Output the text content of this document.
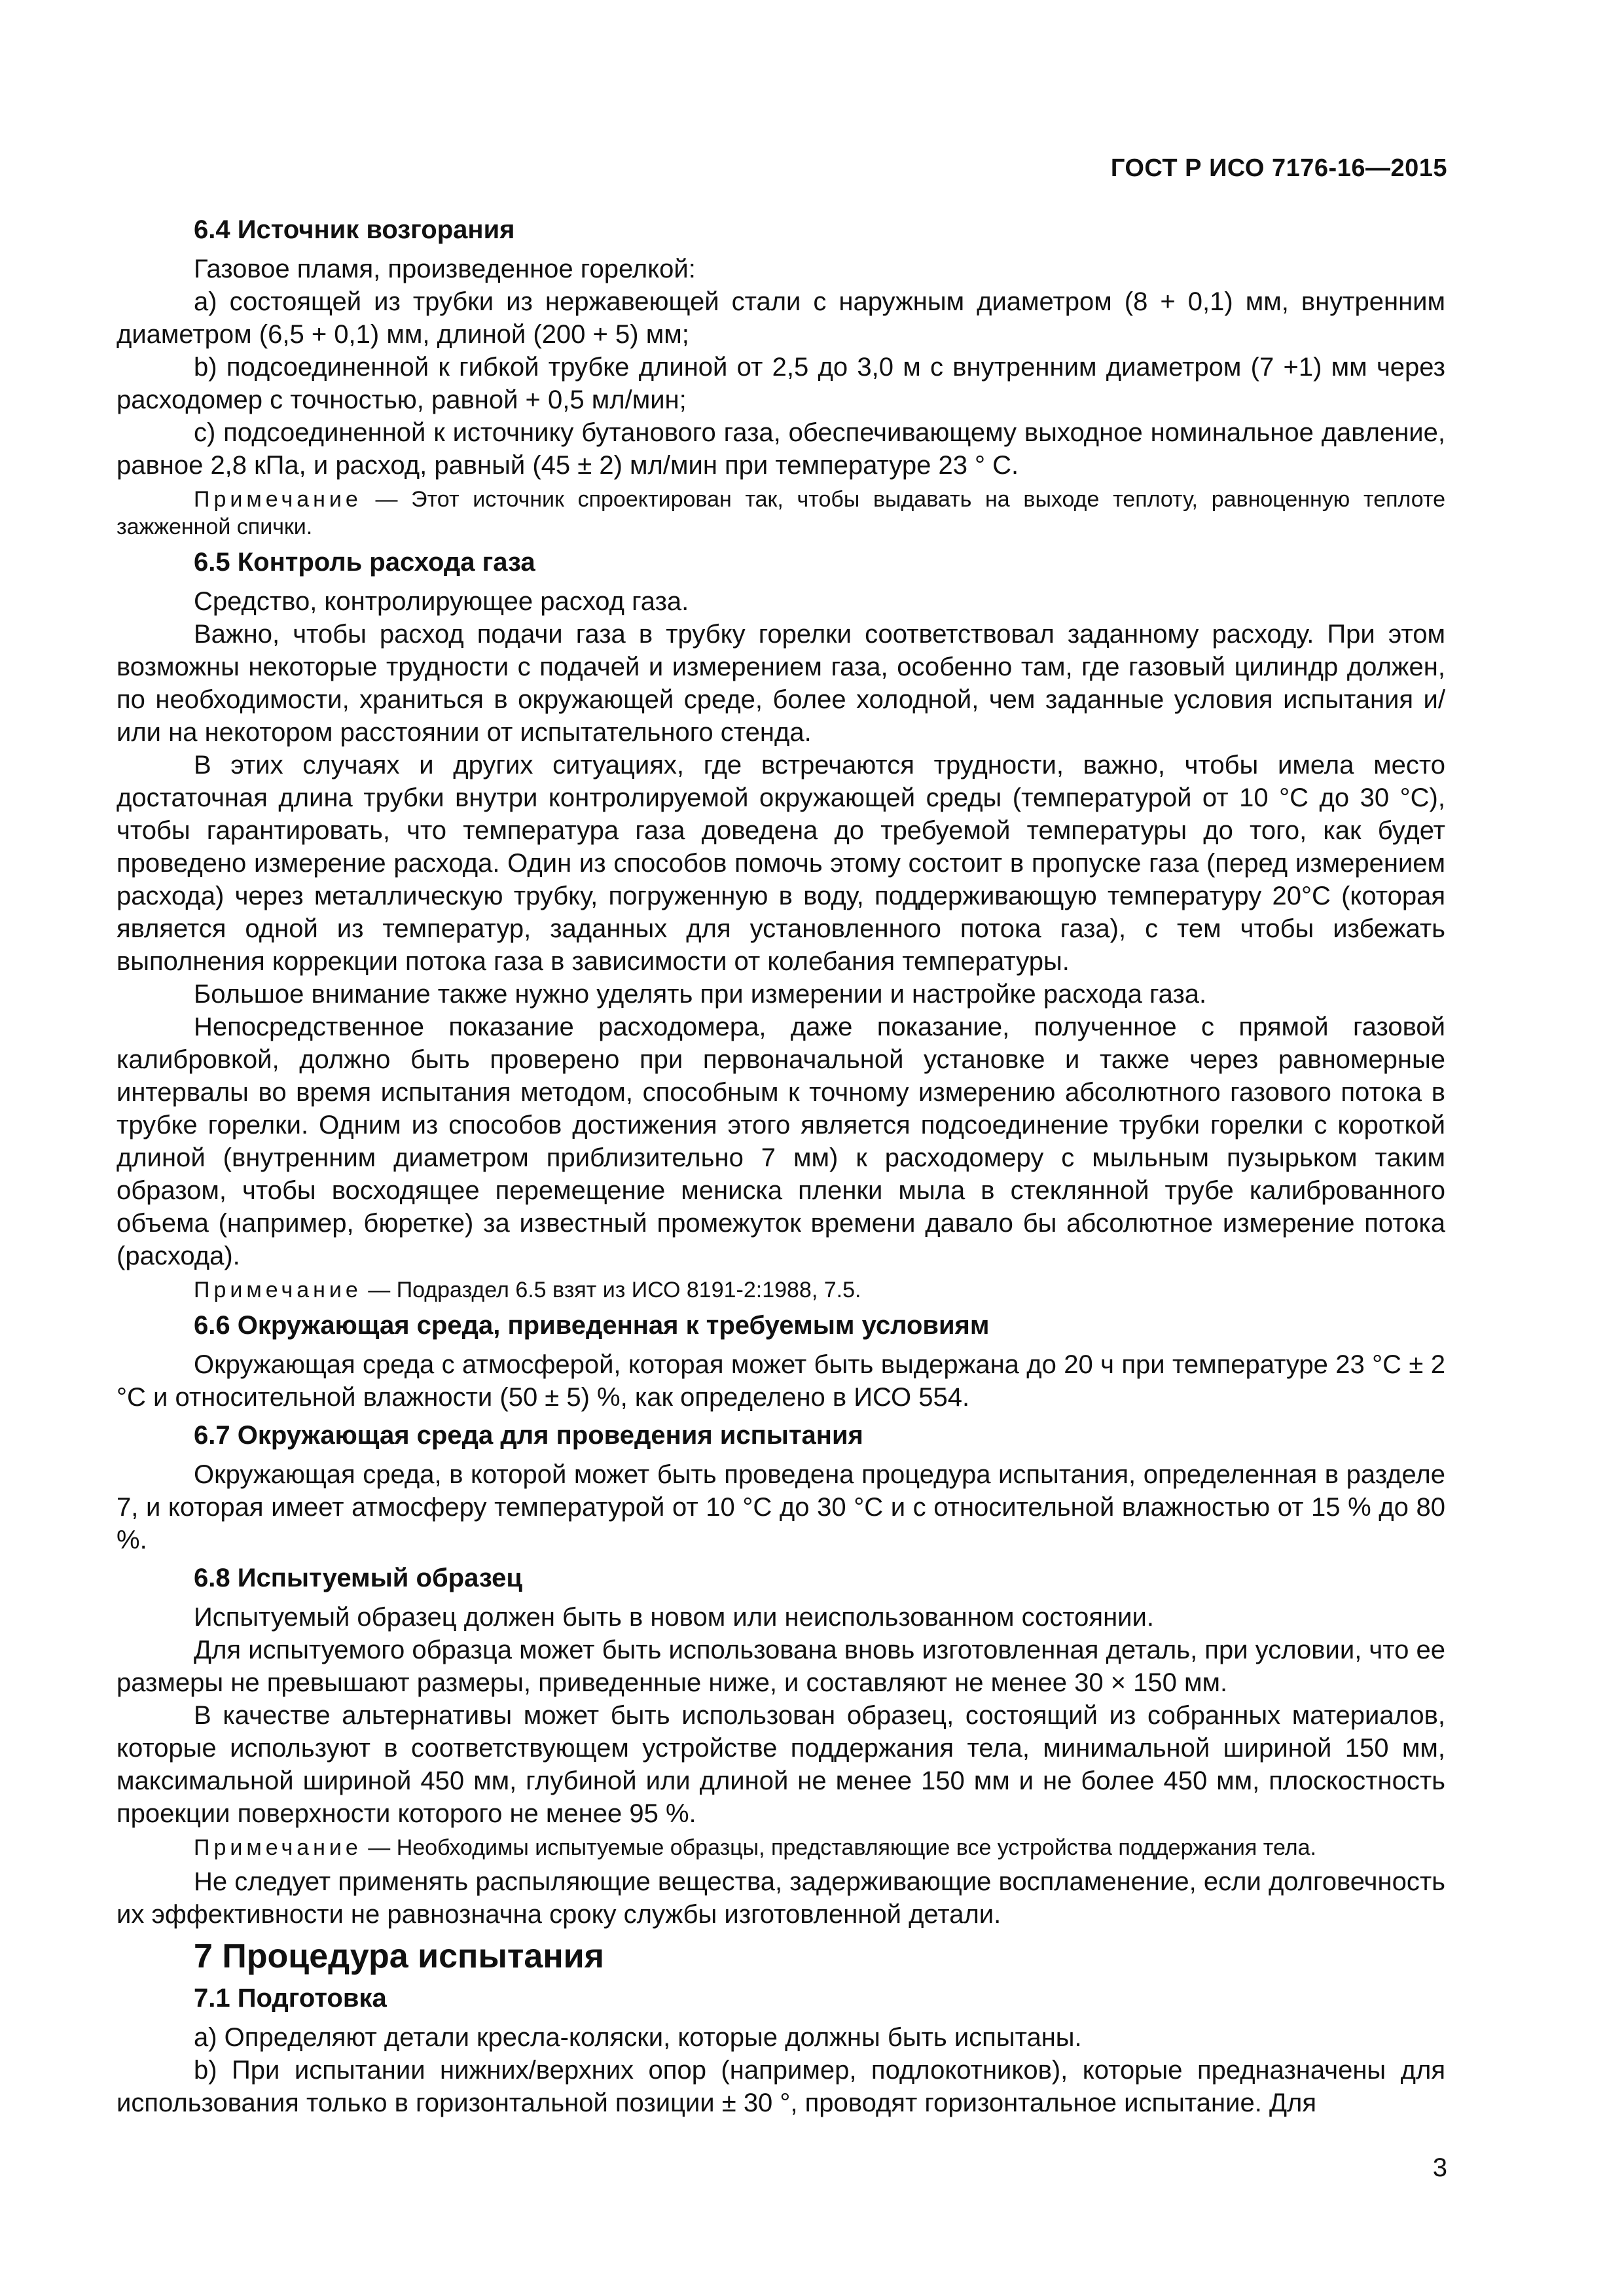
ГОСТ Р ИСО 7176-16—2015
6.4 Источник возгорания

Газовое пламя, произведенное горелкой:

а) состоящей из трубки из нержавеющей стали с наружным диаметром (8 + 0,1) мм, внутренним диаметром (6,5 + 0,1) мм, длиной (200 + 5) мм;

b) подсоединенной к гибкой трубке длиной от 2,5 до 3,0 м с внутренним диаметром (7 +1) мм через расходомер с точностью, равной + 0,5 мл/мин;

с) подсоединенной к источнику бутанового газа, обеспечивающему выходное номинальное давление, равное 2,8 кПа, и расход, равный (45 ± 2) мл/мин при температуре 23 ° С.

Примечание — Этот источник спроектирован так, чтобы выдавать на выходе теплоту, равноценную теплоте зажженной спички.
6.5 Контроль расхода газа

Средство, контролирующее расход газа.

Важно, чтобы расход подачи газа в трубку горелки соответствовал заданному расходу. При этом возможны некоторые трудности с подачей и измерением газа, особенно там, где газовый цилиндр должен, по необходимости, храниться в окружающей среде, более холодной, чем заданные условия испытания и/или на некотором расстоянии от испытательного стенда.

В этих случаях и других ситуациях, где встречаются трудности, важно, чтобы имела место достаточная длина трубки внутри контролируемой окружающей среды (температурой от 10 °С до 30 °С), чтобы гарантировать, что температура газа доведена до требуемой температуры до того, как будет проведено измерение расхода. Один из способов помочь этому состоит в пропуске газа (перед измерением расхода) через металлическую трубку, погруженную в воду, поддерживающую температуру 20°С (которая является одной из температур, заданных для установленного потока газа), с тем чтобы избежать выполнения коррекции потока газа в зависимости от колебания температуры.

Большое внимание также нужно уделять при измерении и настройке расхода газа.

Непосредственное показание расходомера, даже показание, полученное с прямой газовой калибровкой, должно быть проверено при первоначальной установке и также через равномерные интервалы во время испытания методом, способным к точному измерению абсолютного газового потока в трубке горелки. Одним из способов достижения этого является подсоединение трубки горелки с короткой длиной (внутренним диаметром приблизительно 7 мм) к расходомеру с мыльным пузырьком таким образом, чтобы восходящее перемещение мениска пленки мыла в стеклянной трубе калиброванного объема (например, бюретке) за известный промежуток времени давало бы абсолютное измерение потока (расхода).

Примечание — Подраздел 6.5 взят из ИСО 8191-2:1988, 7.5.
6.6 Окружающая среда, приведенная к требуемым условиям

Окружающая среда с атмосферой, которая может быть выдержана до 20 ч при температуре 23 °С ± 2 °С и относительной влажности (50 ± 5) %, как определено в ИСО 554.

6.7 Окружающая среда для проведения испытания

Окружающая среда, в которой может быть проведена процедура испытания, определенная в разделе 7, и которая имеет атмосферу температурой от 10 °С до 30 °С и с относительной влажностью от 15 % до 80 %.

6.8 Испытуемый образец

Испытуемый образец должен быть в новом или неиспользованном состоянии.

Для испытуемого образца может быть использована вновь изготовленная деталь, при условии, что ее размеры не превышают размеры, приведенные ниже, и составляют не менее 30 × 150 мм.

В качестве альтернативы может быть использован образец, состоящий из собранных материалов, которые используют в соответствующем устройстве поддержания тела, минимальной шириной 150 мм, максимальной шириной 450 мм, глубиной или длиной не менее 150 мм и не более 450 мм, плоскостность проекции поверхности которого не менее 95 %.

Примечание — Необходимы испытуемые образцы, представляющие все устройства поддержания тела.

Не следует применять распыляющие вещества, задерживающие воспламенение, если долговечность их эффективности не равнозначна сроку службы изготовленной детали.

7 Процедура испытания
7.1 Подготовка

а) Определяют детали кресла-коляски, которые должны быть испытаны.

b) При испытании нижних/верхних опор (например, подлокотников), которые предназначены для использования только в горизонтальной позиции ± 30 °, проводят горизонтальное испытание. Для

3
